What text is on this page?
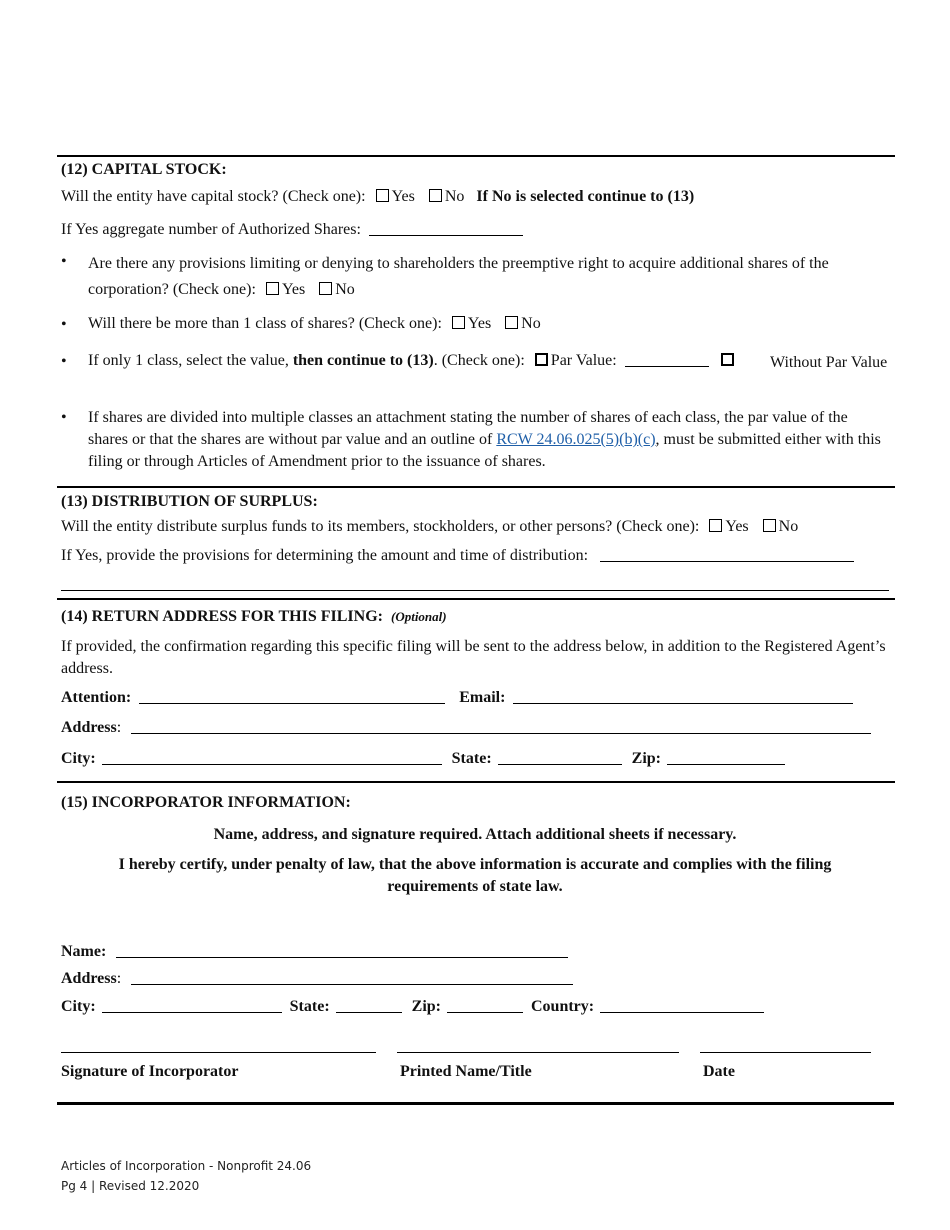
(12) CAPITAL STOCK:
Will the entity have capital stock? (Check one): Yes No If No is selected continue to (13)
If Yes aggregate number of Authorized Shares:
• Are there any provisions limiting or denying to shareholders the preemptive right to acquire additional shares of the corporation? (Check one): Yes No
• Will there be more than 1 class of shares? (Check one): Yes No
• If only 1 class, select the value, then continue to (13). (Check one): Par Value:	Without Par Value
• If shares are divided into multiple classes an attachment stating the number of shares of each class, the par value of the shares or that the shares are without par value and an outline of RCW 24.06.025(5)(b)(c), must be submitted either with this filing or through Articles of Amendment prior to the issuance of shares.
(13) DISTRIBUTION OF SURPLUS:
Will the entity distribute surplus funds to its members, stockholders, or other persons? (Check one): Yes No
If Yes, provide the provisions for determining the amount and time of distribution:
(14) RETURN ADDRESS FOR THIS FILING: (Optional)
If provided, the confirmation regarding this specific filing will be sent to the address below, in addition to the Registered Agent’s address.
Attention:	Email:
Address:
City:	State:	Zip:
(15) INCORPORATOR INFORMATION:
Name, address, and signature required. Attach additional sheets if necessary.
I hereby certify, under penalty of law, that the above information is accurate and complies with the filing requirements of state law.
Name:
Address:
City:	State:	Zip:	Country:
Signature of Incorporator	Printed Name/Title	Date
Articles of Incorporation - Nonprofit 24.06
Pg 4 | Revised 12.2020
